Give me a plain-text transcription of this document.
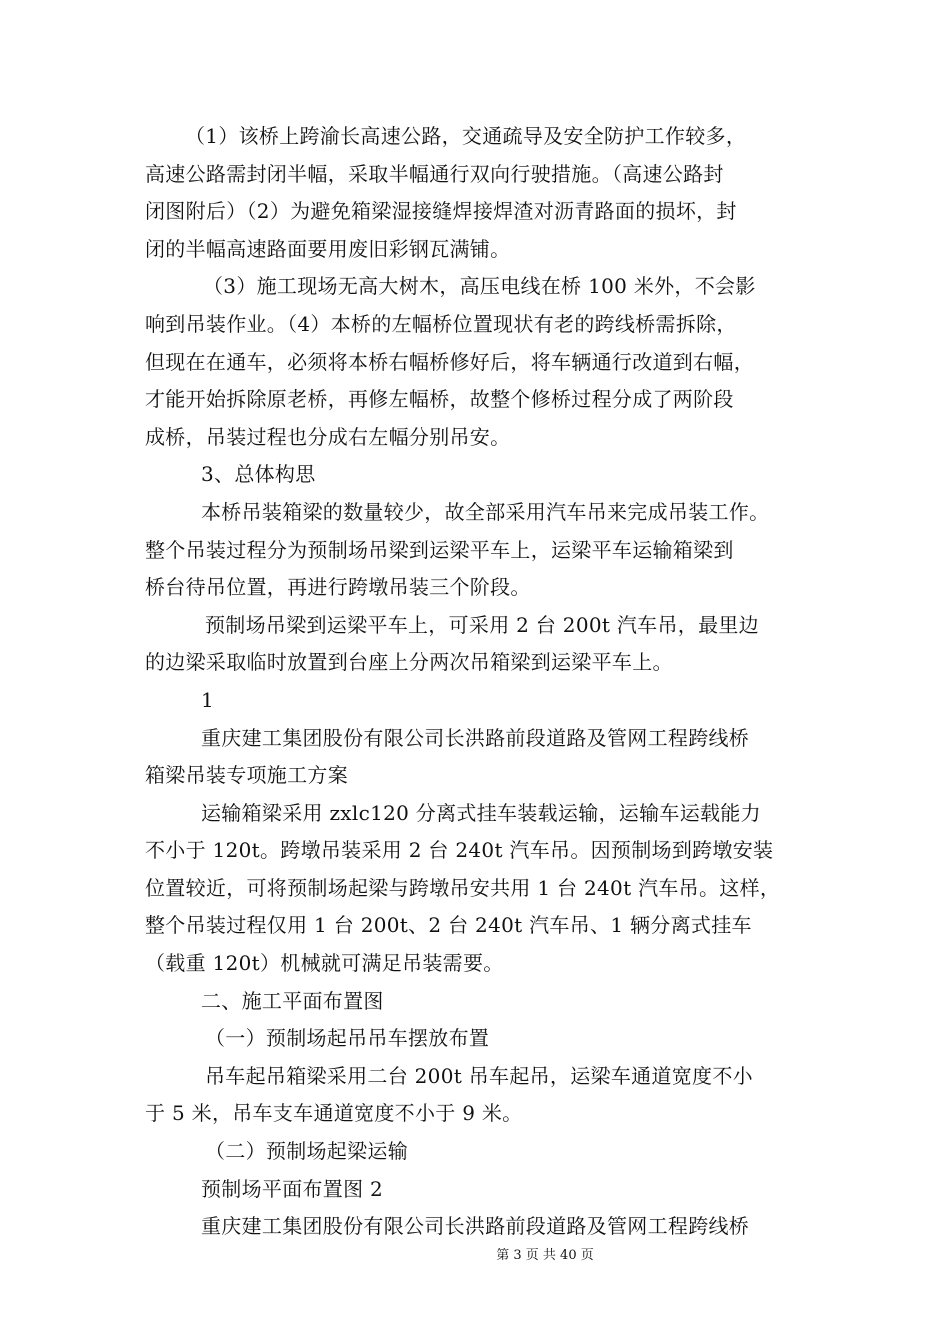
（1）该桥上跨渝长高速公路，交通疏导及安全防护工作较多，
高速公路需封闭半幅，采取半幅通行双向行驶措施。（高速公路封
闭图附后）（2）为避免箱梁湿接缝焊接焊渣对沥青路面的损坏，封
闭的半幅高速路面要用废旧彩钢瓦满铺。
（3）施工现场无高大树木，高压电线在桥 100 米外，不会影
响到吊装作业。（4）本桥的左幅桥位置现状有老的跨线桥需拆除，
但现在在通车，必须将本桥右幅桥修好后，将车辆通行改道到右幅，
才能开始拆除原老桥，再修左幅桥，故整个修桥过程分成了两阶段
成桥，吊装过程也分成右左幅分别吊安。
3、总体构思
本桥吊装箱梁的数量较少，故全部采用汽车吊来完成吊装工作。
整个吊装过程分为预制场吊梁到运梁平车上，运梁平车运输箱梁到
桥台待吊位置，再进行跨墩吊装三个阶段。
预制场吊梁到运梁平车上，可采用 2 台 200t 汽车吊，最里边
的边梁采取临时放置到台座上分两次吊箱梁到运梁平车上。
1
重庆建工集团股份有限公司长洪路前段道路及管网工程跨线桥
箱梁吊装专项施工方案
运输箱梁采用 zxlc120 分离式挂车装载运输，运输车运载能力
不小于 120t。跨墩吊装采用 2 台 240t 汽车吊。因预制场到跨墩安装
位置较近，可将预制场起梁与跨墩吊安共用 1 台 240t 汽车吊。这样，
整个吊装过程仅用 1 台 200t、2 台 240t 汽车吊、1 辆分离式挂车
（载重 120t）机械就可满足吊装需要。
二、施工平面布置图
（一）预制场起吊吊车摆放布置
吊车起吊箱梁采用二台 200t 吊车起吊，运梁车通道宽度不小
于 5 米，吊车支车通道宽度不小于 9 米。
（二）预制场起梁运输
预制场平面布置图 2
重庆建工集团股份有限公司长洪路前段道路及管网工程跨线桥
第 3 页 共 40 页
